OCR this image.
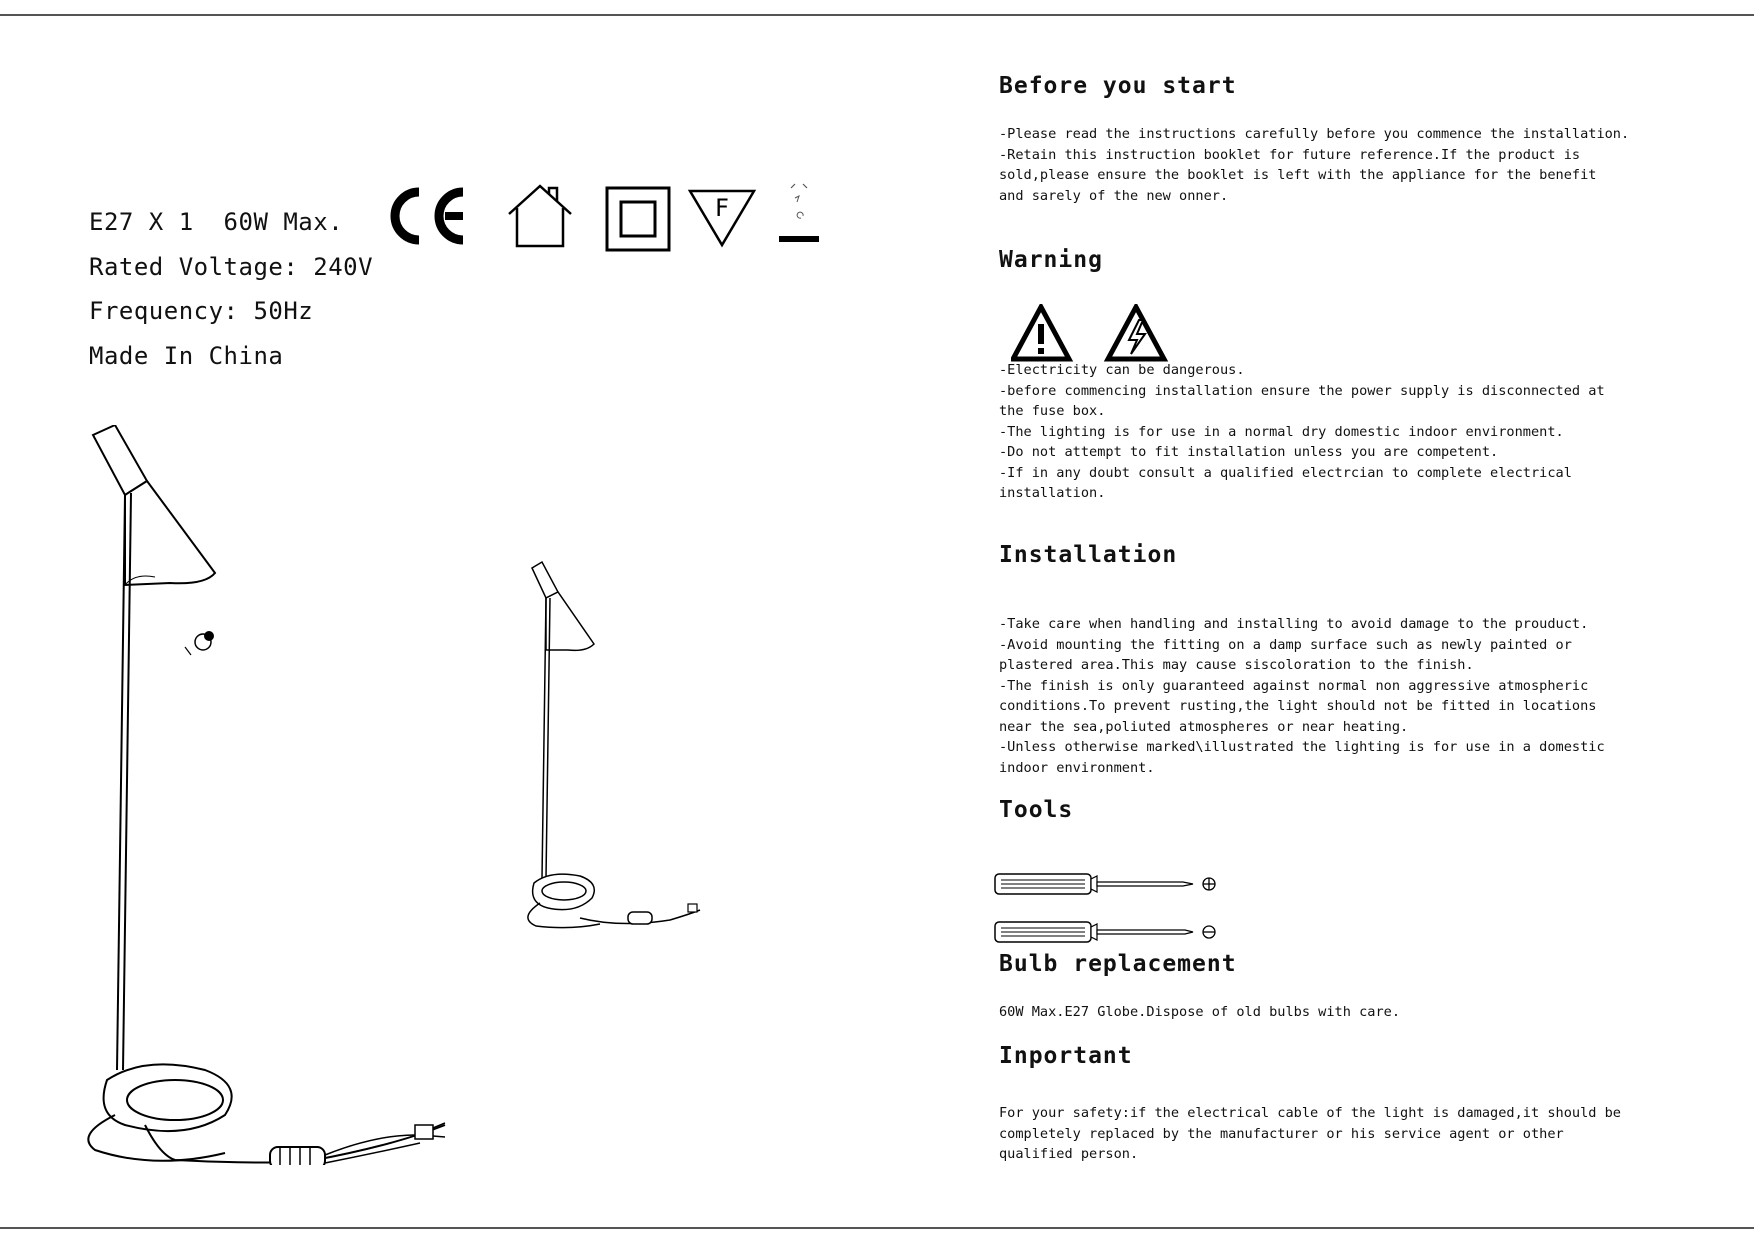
E27 X 1  60W Max.
Rated Voltage: 240V
Frequency: 50Hz
Made In China
F
Before you start

-Please read the instructions carefully before you commence the installation.

-Retain this instruction booklet for future reference.If the product is

sold,please ensure the booklet is left with the appliance for the benefit

and sarely of the new onner.

Warning

-Electricity can be dangerous.

-before commencing installation ensure the power supply is disconnected at

the fuse box.

-The lighting is for use in a normal dry domestic indoor environment.

-Do not attempt to fit installation unless you are competent.

-If in any doubt consult a qualified electrcian to complete electrical

installation.

Installation

-Take care when handling and installing to avoid damage to the prouduct.

-Avoid mounting the fitting on a damp surface such as newly painted or

plastered area.This may cause siscoloration to the finish.

-The finish is only guaranteed against normal non aggressive atmospheric

conditions.To prevent rusting,the light should not be fitted in locations

near the sea,poliuted atmospheres or near heating.

-Unless otherwise marked\illustrated the lighting is for use in a domestic

indoor environment.

Tools
Bulb replacement

60W Max.E27 Globe.Dispose of old bulbs with care.

Inportant

For your safety:if the electrical cable of the light is damaged,it should be

completely replaced by the manufacturer or his service agent or other

qualified person.
